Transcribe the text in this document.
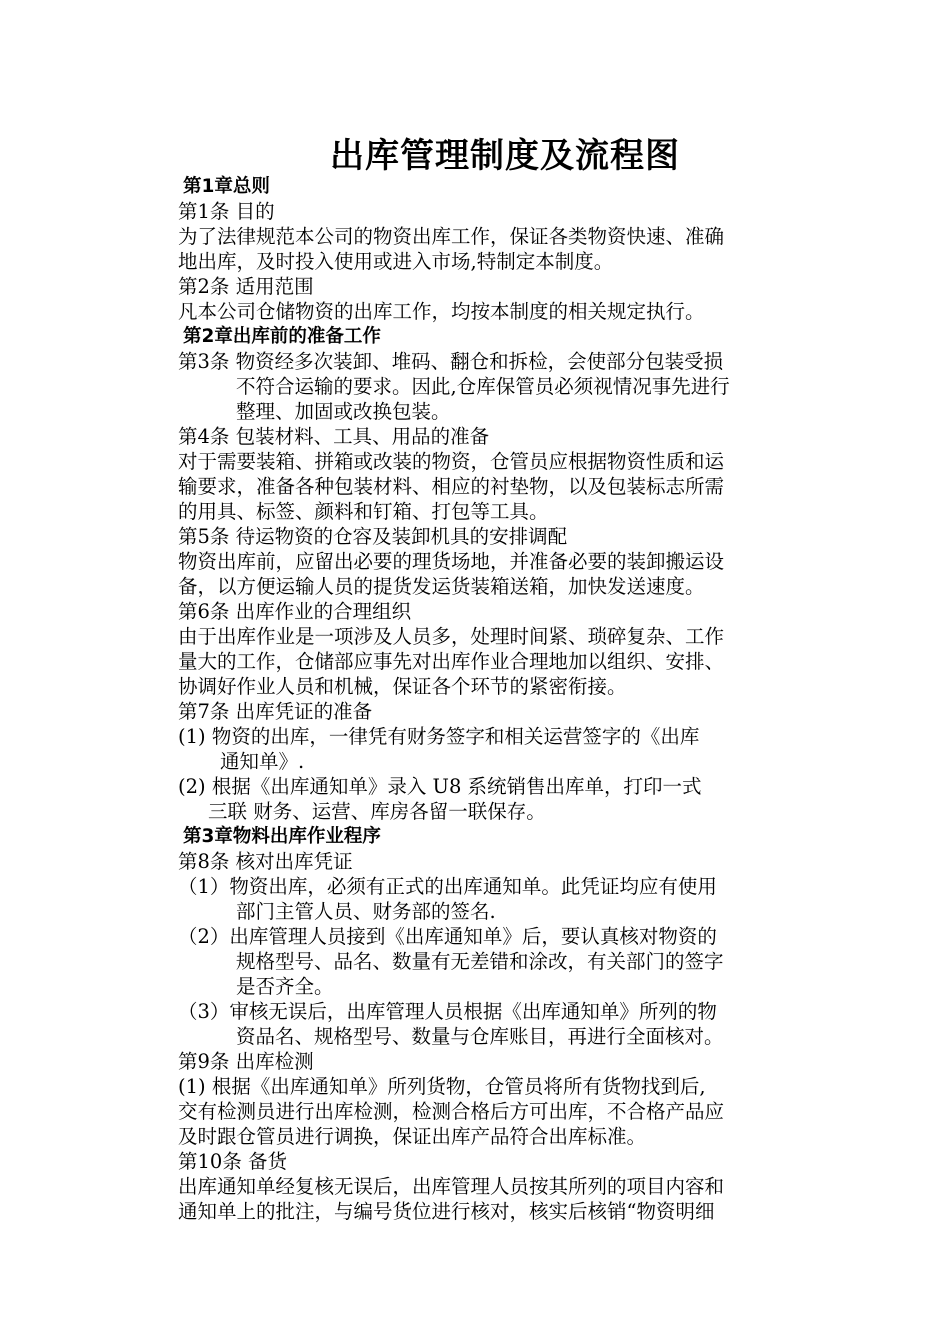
出库管理制度及流程图
第1章总则
第1条 目的
为了法律规范本公司的物资出库工作，保证各类物资快速、准确
地出库，及时投入使用或进入市场,特制定本制度。
第2条 适用范围
凡本公司仓储物资的出库工作，均按本制度的相关规定执行。
第2章出库前的准备工作
第3条 物资经多次装卸、堆码、翻仓和拆检，会使部分包装受损
不符合运输的要求。因此,仓库保管员必须视情况事先进行
整理、加固或改换包装。
第4条 包装材料、工具、用品的准备
对于需要装箱、拼箱或改装的物资，仓管员应根据物资性质和运
输要求，准备各种包装材料、相应的衬垫物，以及包装标志所需
的用具、标签、颜料和钉箱、打包等工具。
第5条 待运物资的仓容及装卸机具的安排调配
物资出库前，应留出必要的理货场地，并准备必要的装卸搬运设
备，以方便运输人员的提货发运货装箱送箱，加快发送速度。
第6条 出库作业的合理组织
由于出库作业是一项涉及人员多，处理时间紧、琐碎复杂、工作
量大的工作，仓储部应事先对出库作业合理地加以组织、安排、
协调好作业人员和机械，保证各个环节的紧密衔接。
第7条 出库凭证的准备
(1) 物资的出库，一律凭有财务签字和相关运营签字的《出库
通知单》.
(2) 根据《出库通知单》录入 U8 系统销售出库单，打印一式
三联 财务、运营、库房各留一联保存。
第3章物料出库作业程序
第8条 核对出库凭证
（1）物资出库，必须有正式的出库通知单。此凭证均应有使用
部门主管人员、财务部的签名.
（2）出库管理人员接到《出库通知单》后，要认真核对物资的
规格型号、品名、数量有无差错和涂改，有关部门的签字
是否齐全。
（3）审核无误后，出库管理人员根据《出库通知单》所列的物
资品名、规格型号、数量与仓库账目，再进行全面核对。
第9条 出库检测
(1) 根据《出库通知单》所列货物，仓管员将所有货物找到后,
交有检测员进行出库检测，检测合格后方可出库，不合格产品应
及时跟仓管员进行调换，保证出库产品符合出库标准。
第10条 备货
出库通知单经复核无误后，出库管理人员按其所列的项目内容和
通知单上的批注，与编号货位进行核对，核实后核销“物资明细
